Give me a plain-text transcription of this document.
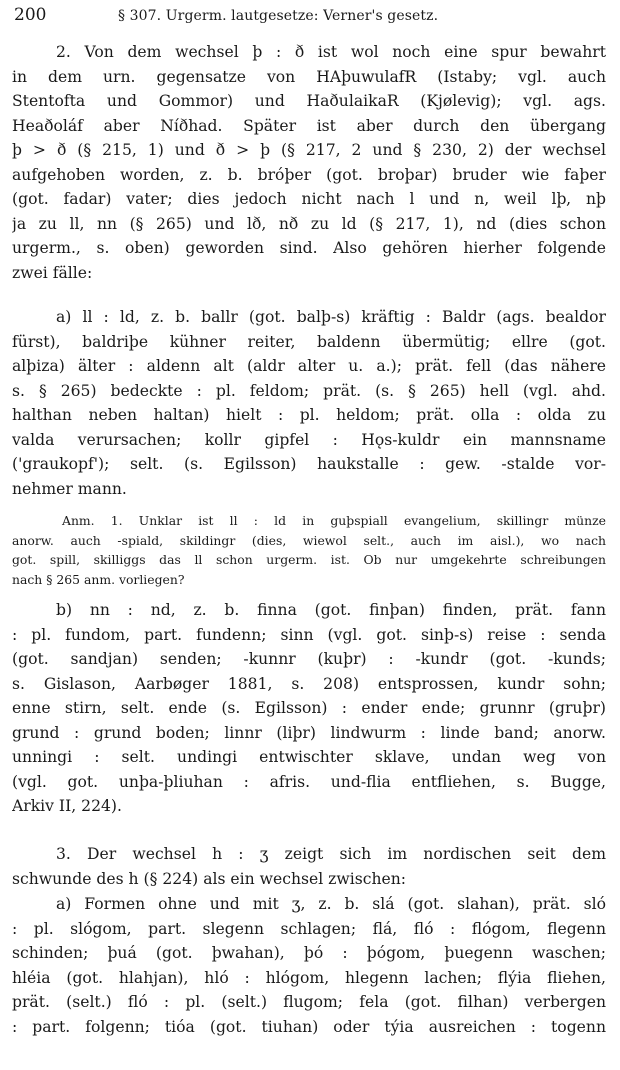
200	§ 307. Urgerm. lautgesetze: Verner's gesetz.
2. Von dem wechsel þ : ð ist wol noch eine spur bewahrt
in dem urn. gegensatze von HAþuwulafR (Istaby; vgl. auch
Stentofta und Gommor) und HaðulaikaR (Kjølevig); vgl. ags.
Heaðoláf aber Níðhad. Später ist aber durch den übergang
þ > ð (§ 215, 1) und ð > þ (§ 217, 2 und § 230, 2) der wechsel
aufgehoben worden, z. b. bróþer (got. broþar) bruder wie faþer
(got. fadar) vater; dies jedoch nicht nach l und n, weil lþ, nþ
ja zu ll, nn (§ 265) und lð, nð zu ld (§ 217, 1), nd (dies schon
urgerm., s. oben) geworden sind. Also gehören hierher folgende
zwei fälle:
a) ll : ld, z. b. ballr (got. balþ-s) kräftig : Baldr (ags. bealdor
fürst), baldriþe kühner reiter, baldenn übermütig; ellre (got.
alþiza) älter : aldenn alt (aldr alter u. a.); prät. fell (das nähere
s. § 265) bedeckte : pl. feldom; prät. (s. § 265) hell (vgl. ahd.
halthan neben haltan) hielt : pl. heldom; prät. olla : olda zu
valda verursachen; kollr gipfel : Hǫs-kuldr ein mannsname
('graukopf'); selt. (s. Egilsson) haukstalle : gew. -stalde vor-
nehmer mann.
Anm. 1. Unklar ist ll : ld in guþspiall evangelium, skillingr münze
anorw. auch -spiald, skildingr (dies, wiewol selt., auch im aisl.), wo nach
got. spill, skilliggs das ll schon urgerm. ist. Ob nur umgekehrte schreibungen
nach § 265 anm. vorliegen?
b) nn : nd, z. b. finna (got. finþan) finden, prät. fann
: pl. fundom, part. fundenn; sinn (vgl. got. sinþ-s) reise : senda
(got. sandjan) senden; -kunnr (kuþr) : -kundr (got. -kunds;
s. Gislason, Aarbøger 1881, s. 208) entsprossen, kundr sohn;
enne stirn, selt. ende (s. Egilsson) : ender ende; grunnr (gruþr)
grund : grund boden; linnr (liþr) lindwurm : linde band; anorw.
unningi : selt. undingi entwischter sklave, undan weg von
(vgl. got. unþa-þliuhan : afris. und-flia entfliehen, s. Bugge,
Arkiv II, 224).
3. Der wechsel h : ʒ zeigt sich im nordischen seit dem
schwunde des h (§ 224) als ein wechsel zwischen:
a) Formen ohne und mit ʒ, z. b. slá (got. slahan), prät. sló
: pl. slógom, part. slegenn schlagen; flá, fló : flógom, flegenn
schinden; þuá (got. þwahan), þó : þógom, þuegenn waschen;
hléia (got. hlahjan), hló : hlógom, hlegenn lachen; flýia fliehen,
prät. (selt.) fló : pl. (selt.) flugom; fela (got. filhan) verbergen
: part. folgenn; tióa (got. tiuhan) oder týia ausreichen : togenn
